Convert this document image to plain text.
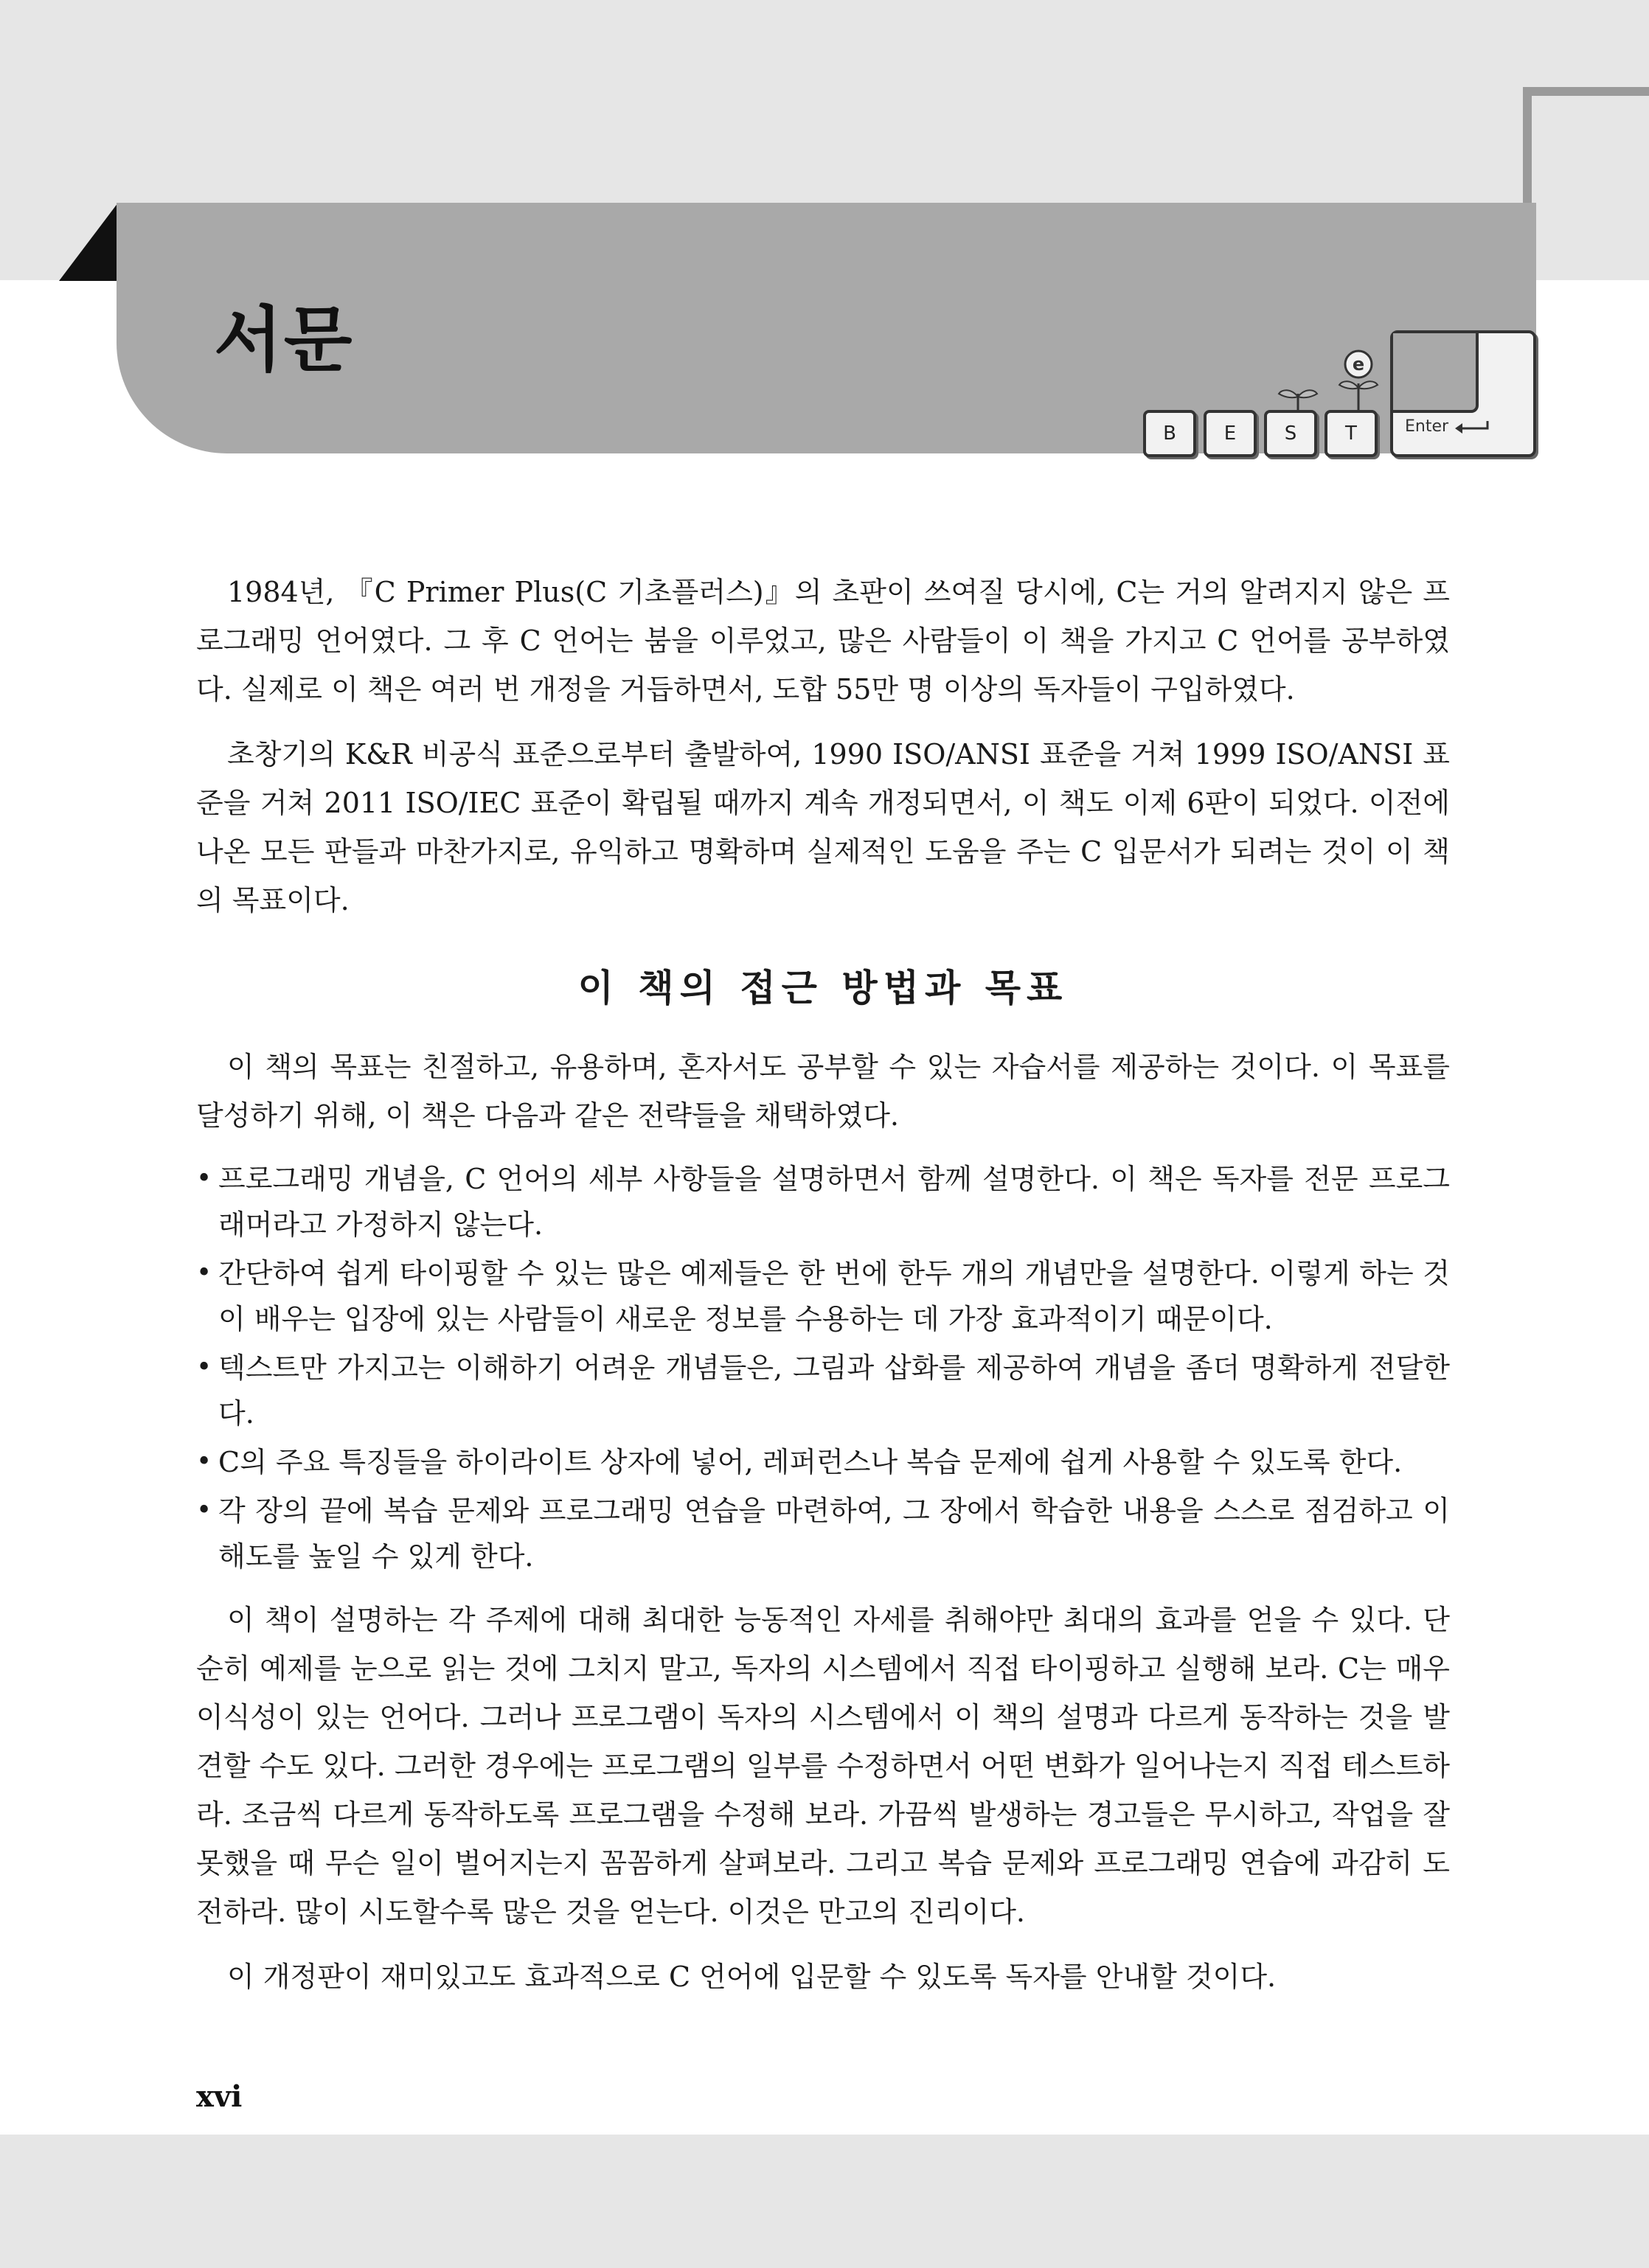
서문	e
B	E	S	T	Enter

1984년, 『C Primer Plus(C 기초플러스)』의 초판이 쓰여질 당시에, C는 거의 알려지지 않은 프로그래밍 언어였다. 그 후 C 언어는 붐을 이루었고, 많은 사람들이 이 책을 가지고 C 언어를 공부하였다. 실제로 이 책은 여러 번 개정을 거듭하면서, 도합 55만 명 이상의 독자들이 구입하였다.

초창기의 K&R 비공식 표준으로부터 출발하여, 1990 ISO/ANSI 표준을 거쳐 1999 ISO/ANSI 표준을 거쳐 2011 ISO/IEC 표준이 확립될 때까지 계속 개정되면서, 이 책도 이제 6판이 되었다. 이전에 나온 모든 판들과 마찬가지로, 유익하고 명확하며 실제적인 도움을 주는 C 입문서가 되려는 것이 이 책의 목표이다.

이 책의 접근 방법과 목표

이 책의 목표는 친절하고, 유용하며, 혼자서도 공부할 수 있는 자습서를 제공하는 것이다. 이 목표를 달성하기 위해, 이 책은 다음과 같은 전략들을 채택하였다.

• 프로그래밍 개념을, C 언어의 세부 사항들을 설명하면서 함께 설명한다. 이 책은 독자를 전문 프로그래머라고 가정하지 않는다.
• 간단하여 쉽게 타이핑할 수 있는 많은 예제들은 한 번에 한두 개의 개념만을 설명한다. 이렇게 하는 것이 배우는 입장에 있는 사람들이 새로운 정보를 수용하는 데 가장 효과적이기 때문이다.
• 텍스트만 가지고는 이해하기 어려운 개념들은, 그림과 삽화를 제공하여 개념을 좀더 명확하게 전달한다.
• C의 주요 특징들을 하이라이트 상자에 넣어, 레퍼런스나 복습 문제에 쉽게 사용할 수 있도록 한다.
• 각 장의 끝에 복습 문제와 프로그래밍 연습을 마련하여, 그 장에서 학습한 내용을 스스로 점검하고 이해도를 높일 수 있게 한다.

이 책이 설명하는 각 주제에 대해 최대한 능동적인 자세를 취해야만 최대의 효과를 얻을 수 있다. 단순히 예제를 눈으로 읽는 것에 그치지 말고, 독자의 시스템에서 직접 타이핑하고 실행해 보라. C는 매우 이식성이 있는 언어다. 그러나 프로그램이 독자의 시스템에서 이 책의 설명과 다르게 동작하는 것을 발견할 수도 있다. 그러한 경우에는 프로그램의 일부를 수정하면서 어떤 변화가 일어나는지 직접 테스트하라. 조금씩 다르게 동작하도록 프로그램을 수정해 보라. 가끔씩 발생하는 경고들은 무시하고, 작업을 잘못했을 때 무슨 일이 벌어지는지 꼼꼼하게 살펴보라. 그리고 복습 문제와 프로그래밍 연습에 과감히 도전하라. 많이 시도할수록 많은 것을 얻는다. 이것은 만고의 진리이다.

이 개정판이 재미있고도 효과적으로 C 언어에 입문할 수 있도록 독자를 안내할 것이다.

xvi
